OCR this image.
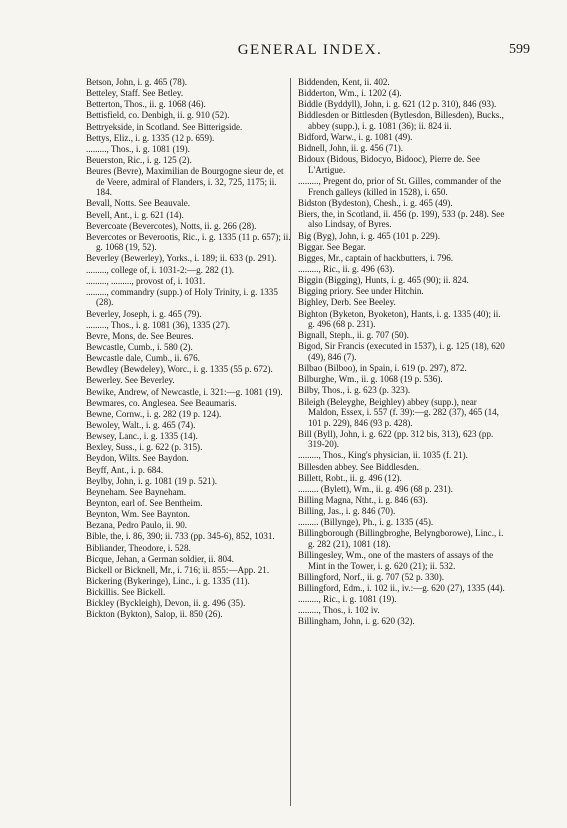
GENERAL INDEX.	599
Betson, John, i. g. 465 (78).
Betteley, Staff. See Betley.
Betterton, Thos., ii. g. 1068 (46).
Bettisfield, co. Denbigh, ii. g. 910 (52).
Bettryekside, in Scotland. See Bitterigside.
Bettys, Eliz., i. g. 1335 (12 p. 659).
........., Thos., i. g. 1081 (19).
Beuerston, Ric., i. g. 125 (2).
Beures (Bevre), Maximilian de Bourgogne sieur de, et de Veere, admiral of Flanders, i. 32, 725, 1175; ii. 184.
Bevall, Notts. See Beauvale.
Bevell, Ant., i. g. 621 (14).
Bevercoate (Bevercotes), Notts, ii. g. 266 (28).
Bevercotes or Beverootis, Ric., i. g. 1335 (11 p. 657); ii. g. 1068 (19, 52).
Beverley (Bewerley), Yorks., i. 189; ii. 633 (p. 291).
........., college of, i. 1031-2:—g. 282 (1).
........., ........., provost of, i. 1031.
........., commandry (supp.) of Holy Trinity, i. g. 1335 (28).
Beverley, Joseph, i. g. 465 (79).
........., Thos., i. g. 1081 (36), 1335 (27).
Bevre, Mons, de. See Beures.
Bewcastle, Cumb., i. 580 (2).
Bewcastle dale, Cumb., ii. 676.
Bewdley (Bewdeley), Worc., i. g. 1335 (55 p. 672).
Bewerley. See Beverley.
Bewike, Andrew, of Newcastle, i. 321:—g. 1081 (19).
Bewmares, co. Anglesea. See Beaumaris.
Bewne, Cornw., i. g. 282 (19 p. 124).
Bewoley, Walt., i. g. 465 (74).
Bewsey, Lanc., i. g. 1335 (14).
Bexley, Suss., i. g. 622 (p. 315).
Beydon, Wilts. See Baydon.
Beyff, Ant., i. p. 684.
Beylby, John, i. g. 1081 (19 p. 521).
Beyneham. See Bayneham.
Beynton, earl of. See Bentheim.
Beynton, Wm. See Baynton.
Bezana, Pedro Paulo, ii. 90.
Bible, the, i. 86, 390; ii. 733 (pp. 345-6), 852, 1031.
Bibliander, Theodore, i. 528.
Bicque, Jehan, a German soldier, ii. 804.
Bickell or Bicknell, Mr., i. 716; ii. 855:—App. 21.
Bickering (Bykeringe), Linc., i. g. 1335 (11).
Bickillis. See Bickell.
Bickley (Byckleigh), Devon, ii. g. 496 (35).
Bickton (Bykton), Salop, ii. 850 (26).
Biddenden, Kent, ii. 402.
Bidderton, Wm., i. 1202 (4).
Biddle (Byddyll), John, i. g. 621 (12 p. 310), 846 (93).
Biddlesden or Bittlesden (Bytlesdon, Billesden), Bucks., abbey (supp.), i. g. 1081 (36); ii. 824 ii.
Bidford, Warw., i. g. 1081 (49).
Bidnell, John, ii. g. 456 (71).
Bidoux (Bidous, Bidocyo, Bidooc), Pierre de. See L'Artigue.
........., Pregent do, prior of St. Gilles, commander of the French galleys (killed in 1528), i. 650.
Bidston (Bydeston), Chesh., i. g. 465 (49).
Biers, the, in Scotland, ii. 456 (p. 199), 533 (p. 248). See also Lindsay, of Byres.
Big (Byg), John, i. g. 465 (101 p. 229).
Biggar. See Begar.
Bigges, Mr., captain of hackbutters, i. 796.
........., Ric., ii. g. 496 (63).
Biggin (Bigging), Hunts, i. g. 465 (90); ii. 824.
Bigging priory. See under Hitchin.
Bighley, Derb. See Beeley.
Bighton (Byketon, Byoketon), Hants, i. g. 1335 (40); ii. g. 496 (68 p. 231).
Bignall, Steph., ii. g. 707 (50).
Bigod, Sir Francis (executed in 1537), i. g. 125 (18), 620 (49), 846 (7).
Bilbao (Bilboo), in Spain, i. 619 (p. 297), 872.
Bilburghe, Wm., ii. g. 1068 (19 p. 536).
Bilby, Thos., i. g. 623 (p. 323).
Bileigh (Beleyghe, Beighley) abbey (supp.), near Maldon, Essex, i. 557 (f. 39):—g. 282 (37), 465 (14, 101 p. 229), 846 (93 p. 428).
Bill (Byll), John, i. g. 622 (pp. 312 bis, 313), 623 (pp. 319-20).
........., Thos., King's physician, ii. 1035 (f. 21).
Billesden abbey. See Biddlesden.
Billett, Robt., ii. g. 496 (12).
......... (Bylett), Wm., ii. g. 496 (68 p. 231).
Billing Magna, Ntht., i. g. 846 (63).
Billing, Jas., i. g. 846 (70).
......... (Billynge), Ph., i. g. 1335 (45).
Billingborough (Billingbroghe, Belyngborowe), Linc., i. g. 282 (21), 1081 (18).
Billingesley, Wm., one of the masters of assays of the Mint in the Tower, i. g. 620 (21); ii. 532.
Billingford, Norf., ii. g. 707 (52 p. 330).
Billingford, Edm., i. 102 ii., iv.:—g. 620 (27), 1335 (44).
........., Ric., i. g. 1081 (19).
........., Thos., i. 102 iv.
Billingham, John, i. g. 620 (32).
